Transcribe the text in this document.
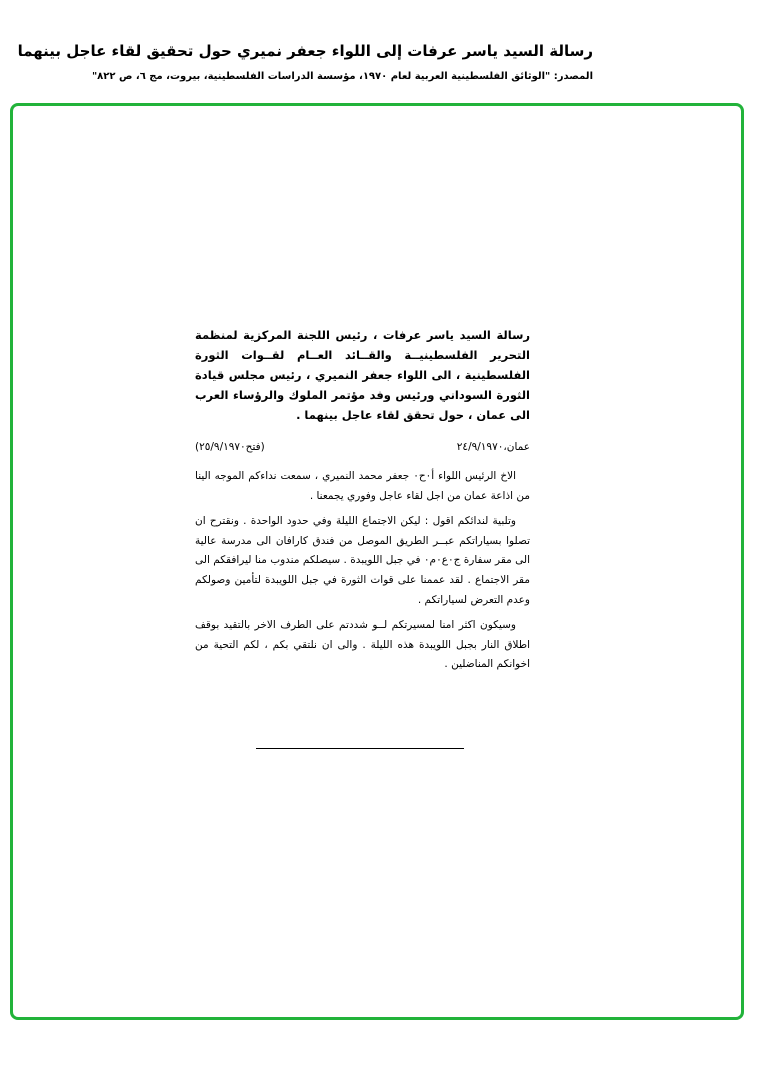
رسالة السيد ياسر عرفات إلى اللواء جعفر نميري حول تحقيق لقاء عاجل بينهما
المصدر: "الوثائق الفلسطينية العربية لعام ١٩٧٠، مؤسسة الدراسات الفلسطينية، بيروت، مج ٦، ص ٨٢٢"

رسالة السيد ياسر عرفات ، رئيس اللجنة المركزية لمنظمة التحرير الفلسطينيــة والقــائد العــام لقــوات الثورة الفلسطينية ، الى اللواء جعفر النميري ، رئيس مجلس قيادة الثورة السوداني ورئيس وفد مؤتمر الملوك والرؤساء العرب الى عمان ، حول تحقق لقاء عاجل بينهما .

عمان،٢٤/٩/١٩٧٠
(فتح٢٥/٩/١٩٧٠)

الاخ الرئيس اللواء أ٠ح٠ جعفر محمد النميري ، سمعت نداءكم الموجه الينا من اذاعة عمان من اجل لقاء عاجل وفوري يجمعنا .

وتلبية لندائكم اقول : ليكن الاجتماع الليلة وفي حدود الواحدة . ونقترح ان تصلوا بسياراتكم عبــر الطريق الموصل من فندق كارافان الى مدرسة عالية الى مقر سفارة ج٠ع٠م٠ في جبل اللويبدة . سيصلكم مندوب منا ليرافقكم الى مقر الاجتماع . لقد عممنا على قوات الثورة في جبل اللويبدة لتأمين وصولكم وعدم التعرض لسياراتكم .

وسيكون اكثر امنا لمسيرتكم لــو شددتم على الطرف الاخر بالتقيد بوقف اطلاق النار بجبل اللويبدة هذه الليلة . والى ان نلتقي بكم ، لكم التحية من اخوانكم المناضلين .
